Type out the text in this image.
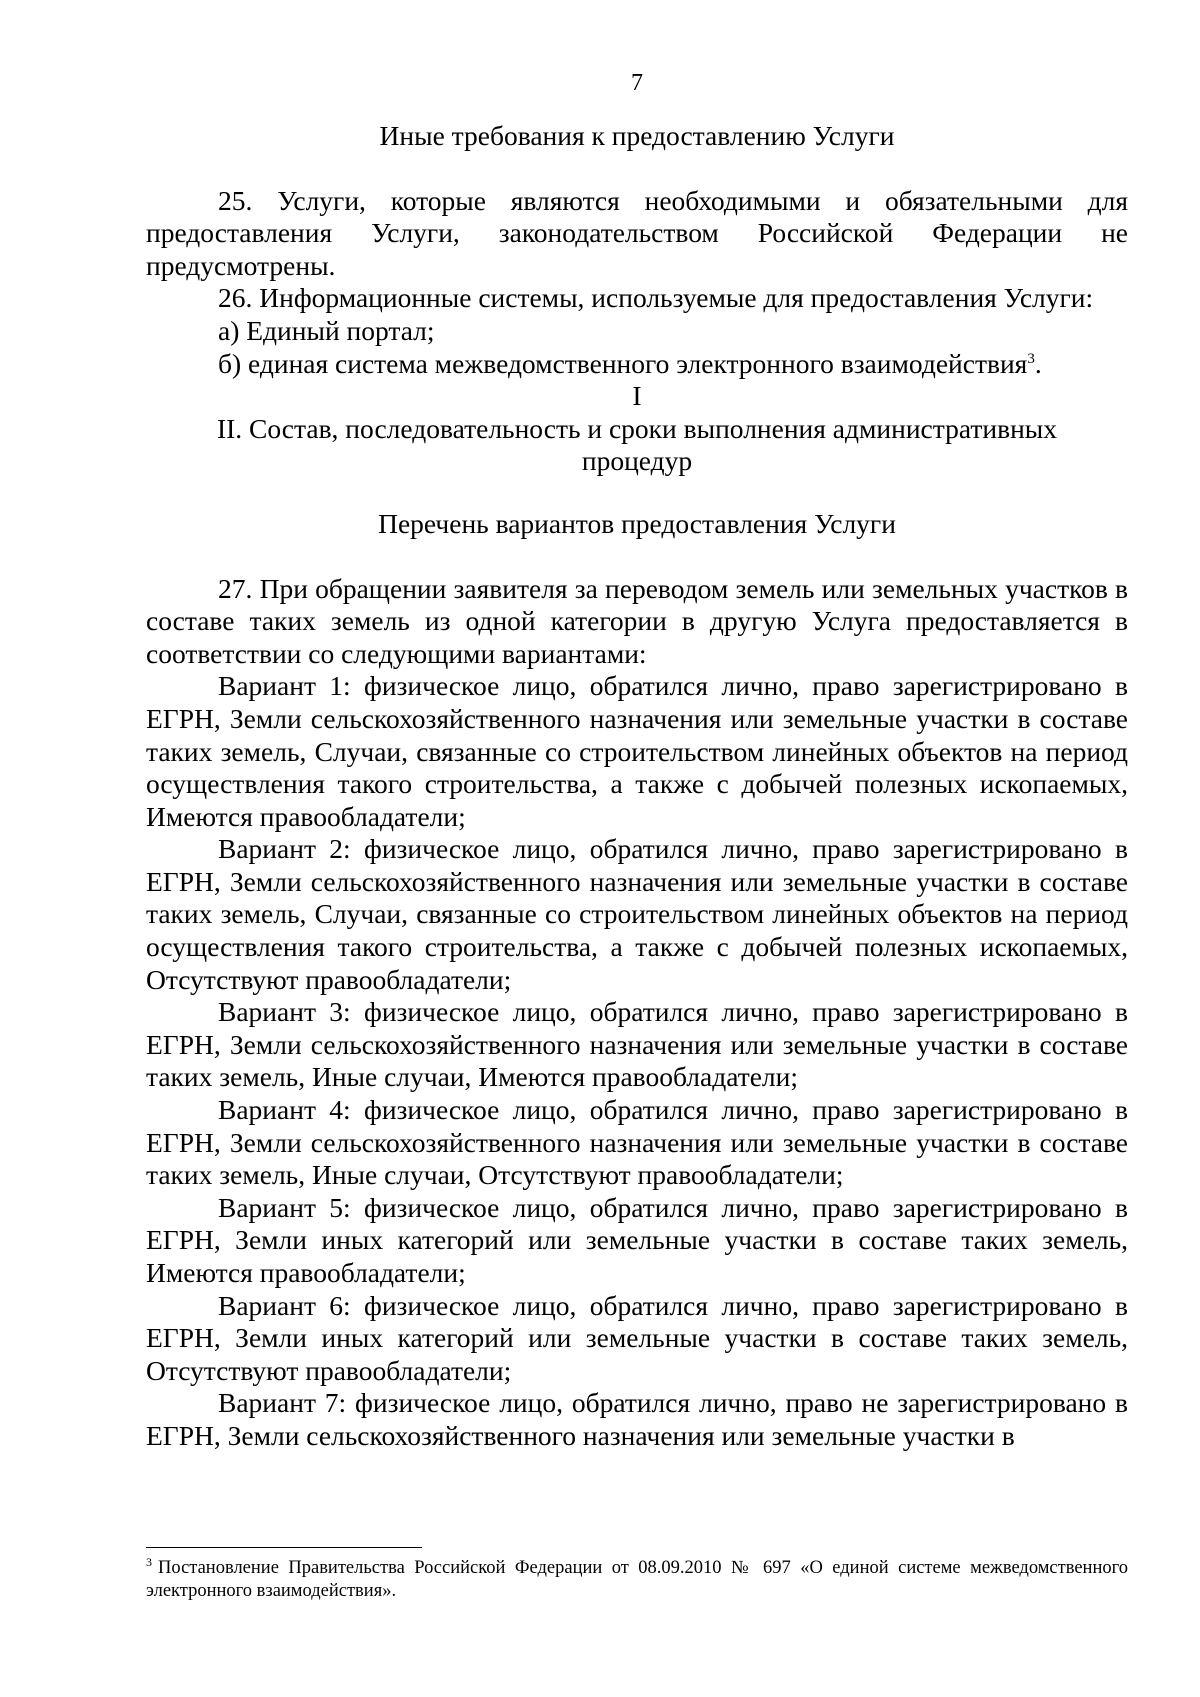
7

Иные требования к предоставлению Услуги

25. Услуги, которые являются необходимыми и обязательными для предоставления Услуги, законодательством Российской Федерации не предусмотрены.

26. Информационные системы, используемые для предоставления Услуги:

а) Единый портал;

б) единая система межведомственного электронного взаимодействия$^3$.

I

II. Состав, последовательность и сроки выполнения административных

процедур

Перечень вариантов предоставления Услуги

27. При обращении заявителя за переводом земель или земельных участков в составе таких земель из одной категории в другую Услуга предоставляется в соответствии со следующими вариантами:

Вариант 1: физическое лицо, обратился лично, право зарегистрировано в ЕГРН, Земли сельскохозяйственного назначения или земельные участки в составе таких земель, Случаи, связанные со строительством линейных объектов на период осуществления такого строительства, а также с добычей полезных ископаемых, Имеются правообладатели;

Вариант 2: физическое лицо, обратился лично, право зарегистрировано в ЕГРН, Земли сельскохозяйственного назначения или земельные участки в составе таких земель, Случаи, связанные со строительством линейных объектов на период осуществления такого строительства, а также с добычей полезных ископаемых, Отсутствуют правообладатели;

Вариант 3: физическое лицо, обратился лично, право зарегистрировано в ЕГРН, Земли сельскохозяйственного назначения или земельные участки в составе таких земель, Иные случаи, Имеются правообладатели;

Вариант 4: физическое лицо, обратился лично, право зарегистрировано в ЕГРН, Земли сельскохозяйственного назначения или земельные участки в составе таких земель, Иные случаи, Отсутствуют правообладатели;

Вариант 5: физическое лицо, обратился лично, право зарегистрировано в ЕГРН, Земли иных категорий или земельные участки в составе таких земель, Имеются правообладатели;

Вариант 6: физическое лицо, обратился лично, право зарегистрировано в ЕГРН, Земли иных категорий или земельные участки в составе таких земель, Отсутствуют правообладатели;

Вариант 7: физическое лицо, обратился лично, право не зарегистрировано в ЕГРН, Земли сельскохозяйственного назначения или земельные участки в

$^3$ Постановление Правительства Российской Федерации от 08.09.2010 № 697 «О единой системе межведомственного электронного взаимодействия».
